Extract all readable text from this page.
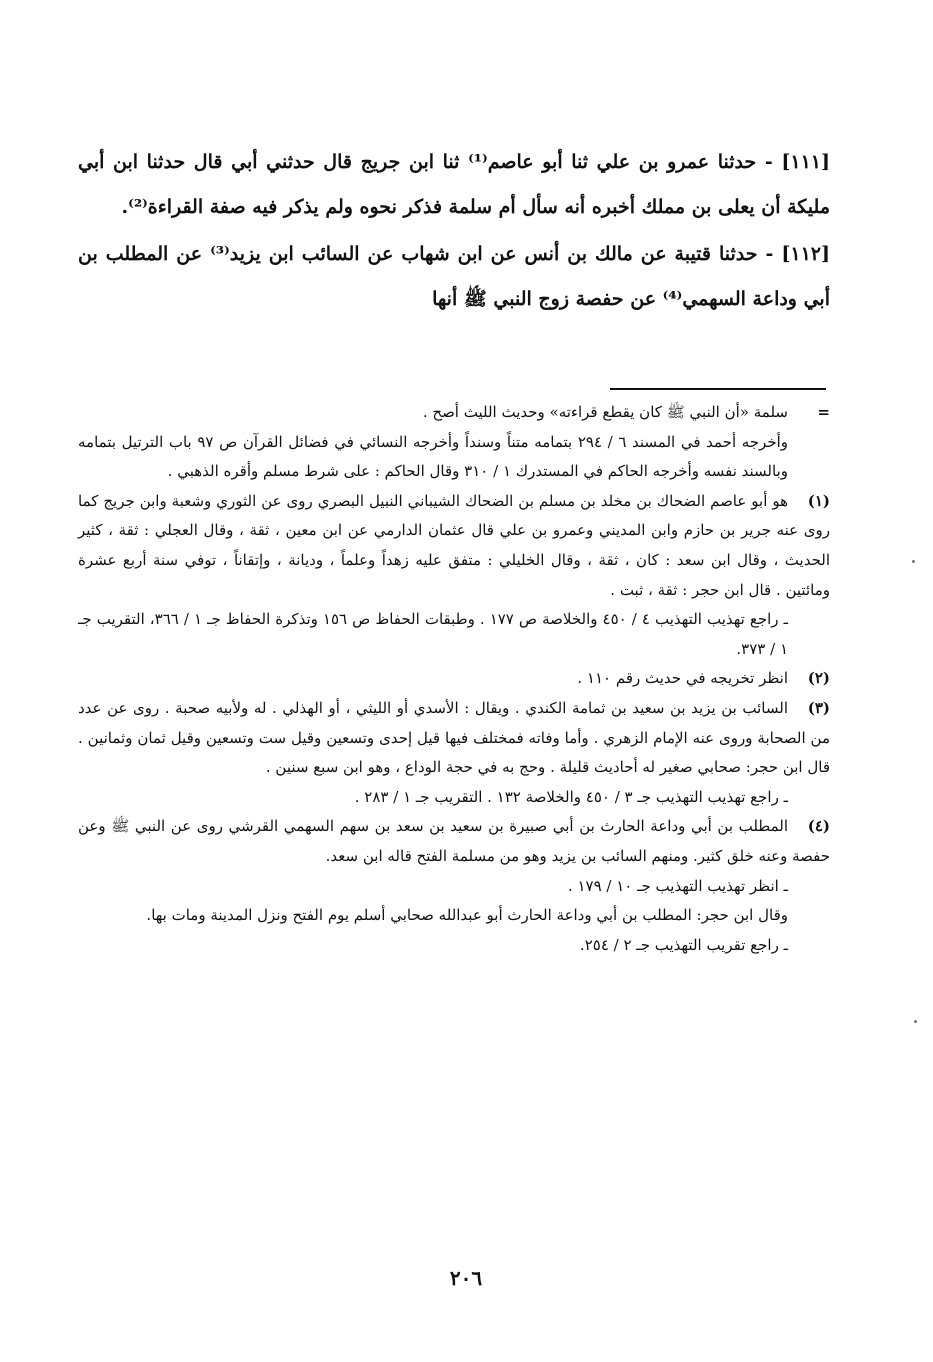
[١١١] - حدثنا عمرو بن علي ثنا أبو عاصم⁽¹⁾ ثنا ابن جريج قال حدثني أبي قال حدثنا ابن أبي مليكة أن يعلى بن مملك أخبره أنه سأل أم سلمة فذكر نحوه ولم يذكر فيه صفة القراءة⁽²⁾.

[١١٢] - حدثنا قتيبة عن مالك بن أنس عن ابن شهاب عن السائب ابن يزيد⁽³⁾ عن المطلب بن أبي وداعة السهمي⁽⁴⁾ عن حفصة زوج النبي ﷺ أنها

=سلمة «أن النبي ﷺ كان يقطع قراءته» وحديث الليث أصح .
وأخرجه أحمد في المسند ٦ / ٢٩٤ بتمامه متناً وسنداً وأخرجه النسائي في فضائل القرآن ص ٩٧ باب الترتيل بتمامه وبالسند نفسه وأخرجه الحاكم في المستدرك ١ / ٣١٠ وقال الحاكم : على شرط مسلم وأقره الذهبي .
(١)هو أبو عاصم الضحاك بن مخلد بن مسلم بن الضحاك الشيباني النبيل البصري روى عن الثوري وشعبة وابن جريج كما روى عنه جرير بن حازم وابن المديني وعمرو بن علي قال عثمان الدارمي عن ابن معين ، ثقة ، وقال العجلي : ثقة ، كثير الحديث ، وقال ابن سعد : كان ، ثقة ، وقال الخليلي : متفق عليه زهداً وعلماً ، وديانة ، وإتقاناً ، توفي سنة أربع عشرة ومائتين . قال ابن حجر : ثقة ، ثبت .
ـ راجع تهذيب التهذيب ٤ / ٤٥٠ والخلاصة ص ١٧٧ . وطبقات الحفاظ ص ١٥٦ وتذكرة الحفاظ جـ ١ / ٣٦٦، التقريب جـ ١ / ٣٧٣.
(٢)انظر تخريجه في حديث رقم ١١٠ .
(٣)السائب بن يزيد بن سعيد بن ثمامة الكندي . ويقال : الأسدي أو الليثي ، أو الهذلي . له ولأبيه صحبة . روى عن عدد من الصحابة وروى عنه الإمام الزهري . وأما وفاته فمختلف فيها قيل إحدى وتسعين وقيل ست وتسعين وقيل ثمان وثمانين . قال ابن حجر: صحابي صغير له أحاديث قليلة . وحج به في حجة الوداع ، وهو ابن سبع سنين .
ـ راجع تهذيب التهذيب جـ ٣ / ٤٥٠ والخلاصة ١٣٢ . التقريب جـ ١ / ٢٨٣ .
(٤)المطلب بن أبي وداعة الحارث بن أبي صبيرة بن سعيد بن سعد بن سهم السهمي القرشي روى عن النبي ﷺ وعن حفصة وعنه خلق كثير. ومنهم السائب بن يزيد وهو من مسلمة الفتح قاله ابن سعد.
ـ انظر تهذيب التهذيب جـ ١٠ / ١٧٩ .
وقال ابن حجر: المطلب بن أبي وداعة الحارث أبو عبدالله صحابي أسلم يوم الفتح ونزل المدينة ومات بها.
ـ راجع تقريب التهذيب جـ ٢ / ٢٥٤.
٢٠٦
